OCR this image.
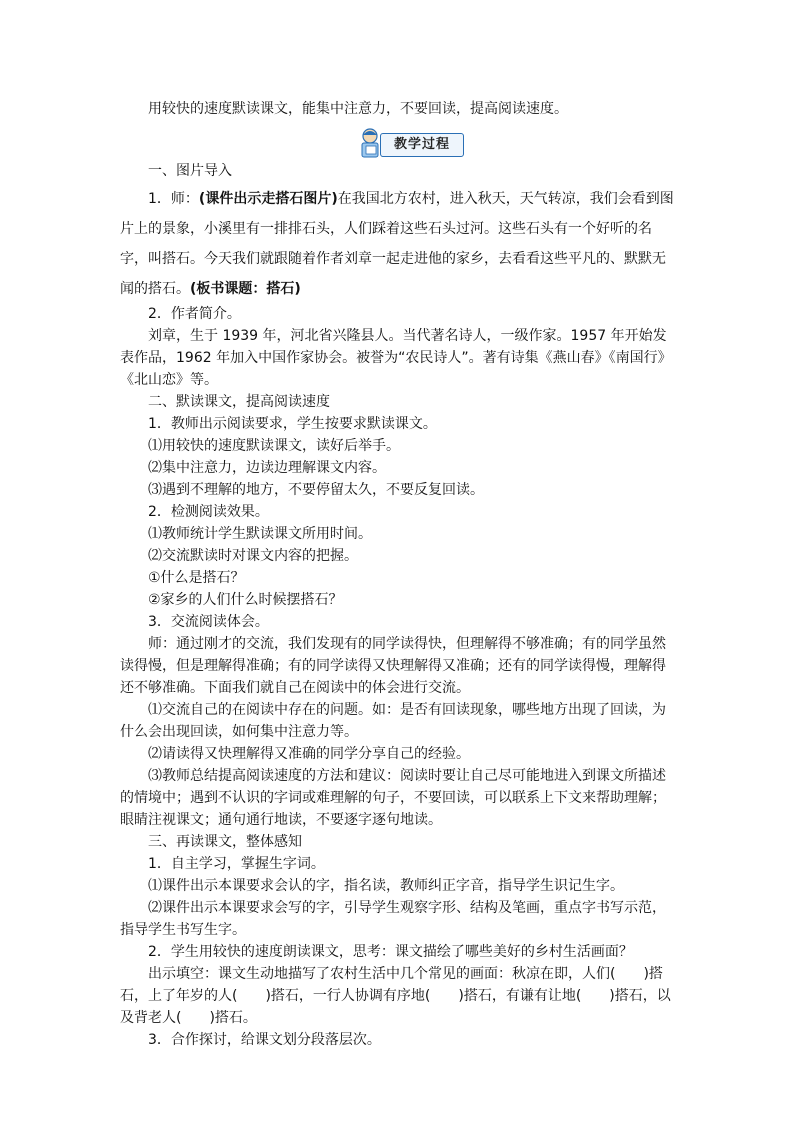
用较快的速度默读课文，能集中注意力，不要回读，提高阅读速度。

教学过程

一、图片导入

1．师：(课件出示走搭石图片)在我国北方农村，进入秋天，天气转凉，我们会看到图片上的景象，小溪里有一排排石头，人们踩着这些石头过河。这些石头有一个好听的名字，叫搭石。今天我们就跟随着作者刘章一起走进他的家乡，去看看这些平凡的、默默无闻的搭石。(板书课题：搭石)

2．作者简介。

刘章，生于 1939 年，河北省兴隆县人。当代著名诗人，一级作家。1957 年开始发表作品，1962 年加入中国作家协会。被誉为“农民诗人”。著有诗集《燕山春》《南国行》《北山恋》等。

二、默读课文，提高阅读速度

1．教师出示阅读要求，学生按要求默读课文。

⑴用较快的速度默读课文，读好后举手。

⑵集中注意力，边读边理解课文内容。

⑶遇到不理解的地方，不要停留太久，不要反复回读。

2．检测阅读效果。

⑴教师统计学生默读课文所用时间。

⑵交流默读时对课文内容的把握。

①什么是搭石？

②家乡的人们什么时候摆搭石？

3．交流阅读体会。

师：通过刚才的交流，我们发现有的同学读得快，但理解得不够准确；有的同学虽然读得慢，但是理解得准确；有的同学读得又快理解得又准确；还有的同学读得慢，理解得还不够准确。下面我们就自己在阅读中的体会进行交流。

⑴交流自己的在阅读中存在的问题。如：是否有回读现象，哪些地方出现了回读，为什么会出现回读，如何集中注意力等。

⑵请读得又快理解得又准确的同学分享自己的经验。

⑶教师总结提高阅读速度的方法和建议：阅读时要让自己尽可能地进入到课文所描述的情境中；遇到不认识的字词或难理解的句子，不要回读，可以联系上下文来帮助理解；眼睛注视课文；通句通行地读，不要逐字逐句地读。

三、再读课文，整体感知

1．自主学习，掌握生字词。

⑴课件出示本课要求会认的字，指名读，教师纠正字音，指导学生识记生字。

⑵课件出示本课要求会写的字，引导学生观察字形、结构及笔画，重点字书写示范，指导学生书写生字。

2．学生用较快的速度朗读课文，思考：课文描绘了哪些美好的乡村生活画面？

出示填空：课文生动地描写了农村生活中几个常见的画面：秋凉在即，人们(　　)搭石，上了年岁的人(　　)搭石，一行人协调有序地(　　)搭石，有谦有让地(　　)搭石，以及背老人(　　)搭石。

3．合作探讨，给课文划分段落层次。
